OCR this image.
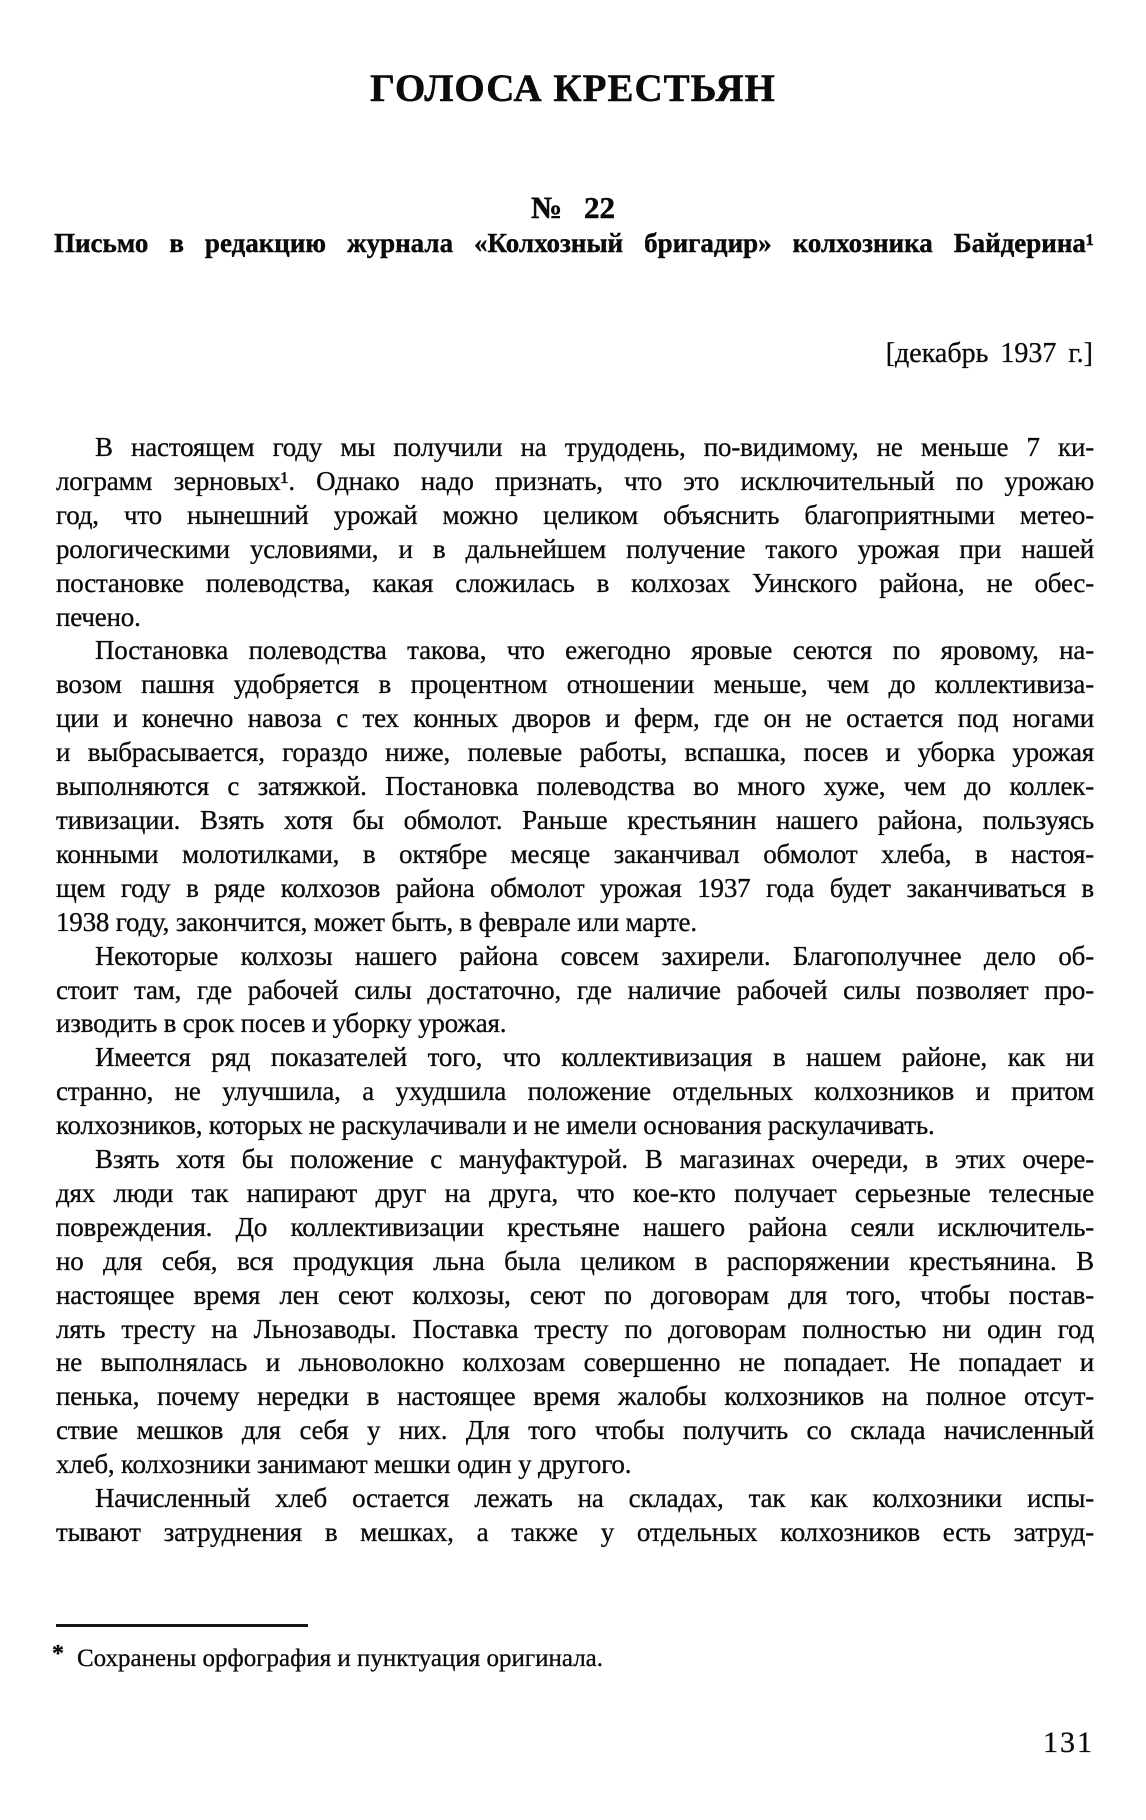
ГОЛОСА КРЕСТЬЯН
№ 22
Письмо в редакцию журнала «Колхозный бригадир» колхозника Байдерина¹
[декабрь 1937 г.]
В настоящем году мы получили на трудодень, по-видимому, не меньше 7 ки-
лограмм зерновых¹. Однако надо признать, что это исключительный по урожаю
год, что нынешний урожай можно целиком объяснить благоприятными метео-
рологическими условиями, и в дальнейшем получение такого урожая при нашей
постановке полеводства, какая сложилась в колхозах Уинского района, не обес-
печено.
Постановка полеводства такова, что ежегодно яровые сеются по яровому, на-
возом пашня удобряется в процентном отношении меньше, чем до коллективиза-
ции и конечно навоза с тех конных дворов и ферм, где он не остается под ногами
и выбрасывается, гораздо ниже, полевые работы, вспашка, посев и уборка урожая
выполняются с затяжкой. Постановка полеводства во много хуже, чем до коллек-
тивизации. Взять хотя бы обмолот. Раньше крестьянин нашего района, пользуясь
конными молотилками, в октябре месяце заканчивал обмолот хлеба, в настоя-
щем году в ряде колхозов района обмолот урожая 1937 года будет заканчиваться в
1938 году, закончится, может быть, в феврале или марте.
Некоторые колхозы нашего района совсем захирели. Благополучнее дело об-
стоит там, где рабочей силы достаточно, где наличие рабочей силы позволяет про-
изводить в срок посев и уборку урожая.
Имеется ряд показателей того, что коллективизация в нашем районе, как ни
странно, не улучшила, а ухудшила положение отдельных колхозников и притом
колхозников, которых не раскулачивали и не имели основания раскулачивать.
Взять хотя бы положение с мануфактурой. В магазинах очереди, в этих очере-
дях люди так напирают друг на друга, что кое-кто получает серьезные телесные
повреждения. До коллективизации крестьяне нашего района сеяли исключитель-
но для себя, вся продукция льна была целиком в распоряжении крестьянина. В
настоящее время лен сеют колхозы, сеют по договорам для того, чтобы постав-
лять тресту на Льнозаводы. Поставка тресту по договорам полностью ни один год
не выполнялась и льноволокно колхозам совершенно не попадает. Не попадает и
пенька, почему нередки в настоящее время жалобы колхозников на полное отсут-
ствие мешков для себя у них. Для того чтобы получить со склада начисленный
хлеб, колхозники занимают мешки один у другого.
Начисленный хлеб остается лежать на складах, так как колхозники испы-
тывают затруднения в мешках, а также у отдельных колхозников есть затруд-
* Сохранены орфография и пунктуация оригинала.
131
